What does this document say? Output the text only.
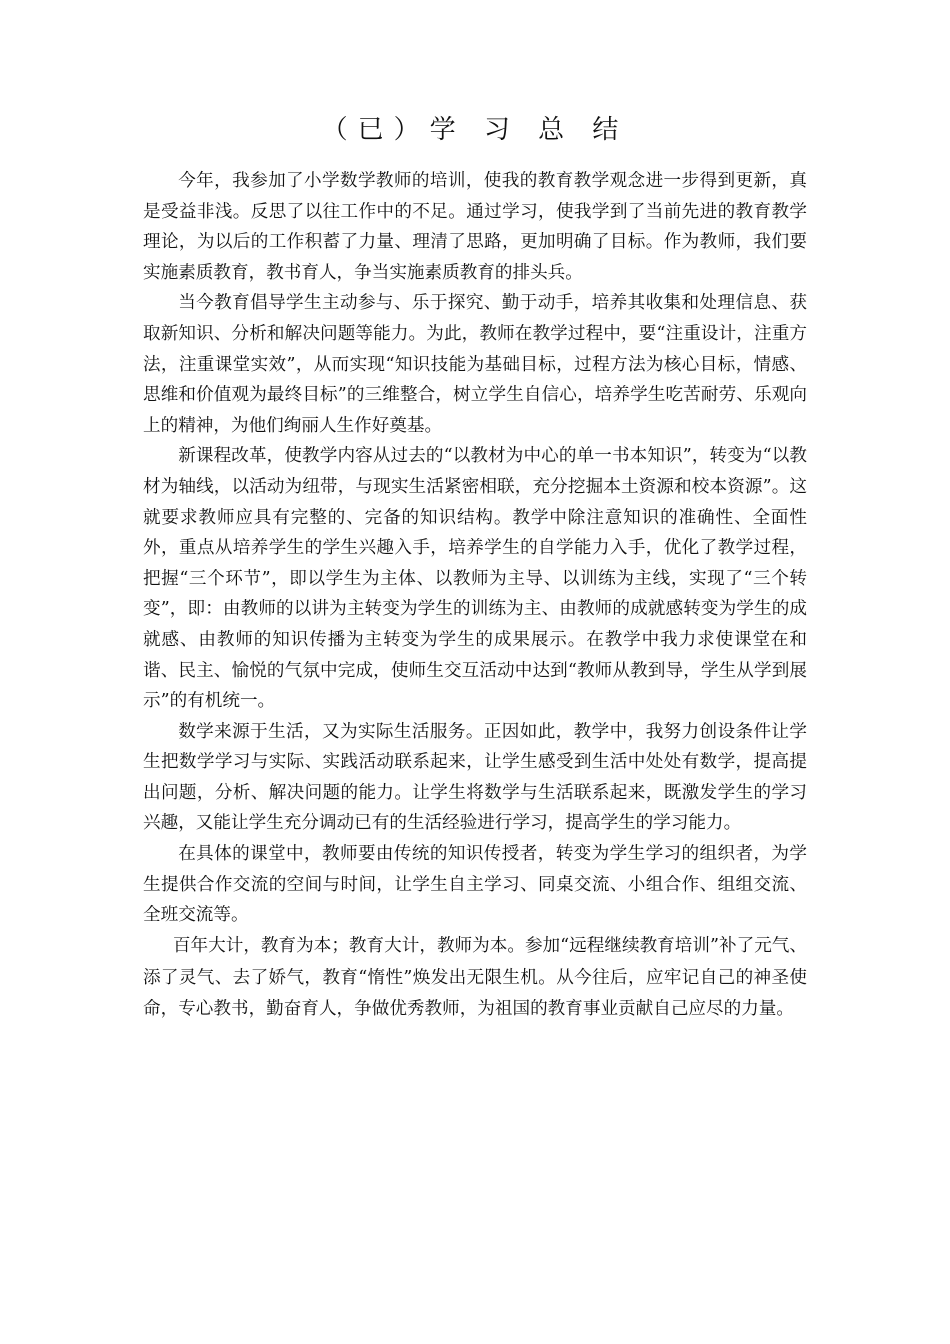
（已）学 习 总 结

今年，我参加了小学数学教师的培训，使我的教育教学观念进一步得到更新，真是受益非浅。反思了以往工作中的不足。通过学习，使我学到了当前先进的教育教学理论，为以后的工作积蓄了力量、理清了思路，更加明确了目标。作为教师，我们要实施素质教育，教书育人，争当实施素质教育的排头兵。

当今教育倡导学生主动参与、乐于探究、勤于动手，培养其收集和处理信息、获取新知识、分析和解决问题等能力。为此，教师在教学过程中，要“注重设计，注重方法，注重课堂实效”，从而实现“知识技能为基础目标，过程方法为核心目标，情感、思维和价值观为最终目标”的三维整合，树立学生自信心，培养学生吃苦耐劳、乐观向上的精神，为他们绚丽人生作好奠基。

新课程改革，使教学内容从过去的“以教材为中心的单一书本知识”，转变为“以教材为轴线，以活动为纽带，与现实生活紧密相联，充分挖掘本土资源和校本资源”。这就要求教师应具有完整的、完备的知识结构。教学中除注意知识的准确性、全面性外，重点从培养学生的学生兴趣入手，培养学生的自学能力入手，优化了教学过程，把握“三个环节”，即以学生为主体、以教师为主导、以训练为主线，实现了“三个转变”，即：由教师的以讲为主转变为学生的训练为主、由教师的成就感转变为学生的成就感、由教师的知识传播为主转变为学生的成果展示。在教学中我力求使课堂在和谐、民主、愉悦的气氛中完成，使师生交互活动中达到“教师从教到导，学生从学到展示”的有机统一。

数学来源于生活，又为实际生活服务。正因如此，教学中，我努力创设条件让学生把数学学习与实际、实践活动联系起来，让学生感受到生活中处处有数学，提高提出问题，分析、解决问题的能力。让学生将数学与生活联系起来，既激发学生的学习兴趣，又能让学生充分调动已有的生活经验进行学习，提高学生的学习能力。

在具体的课堂中，教师要由传统的知识传授者，转变为学生学习的组织者，为学生提供合作交流的空间与时间，让学生自主学习、同桌交流、小组合作、组组交流、全班交流等。

百年大计，教育为本；教育大计，教师为本。参加“远程继续教育培训”补了元气、添了灵气、去了娇气，教育“惰性”焕发出无限生机。从今往后，应牢记自己的神圣使命，专心教书，勤奋育人，争做优秀教师，为祖国的教育事业贡献自己应尽的力量。
